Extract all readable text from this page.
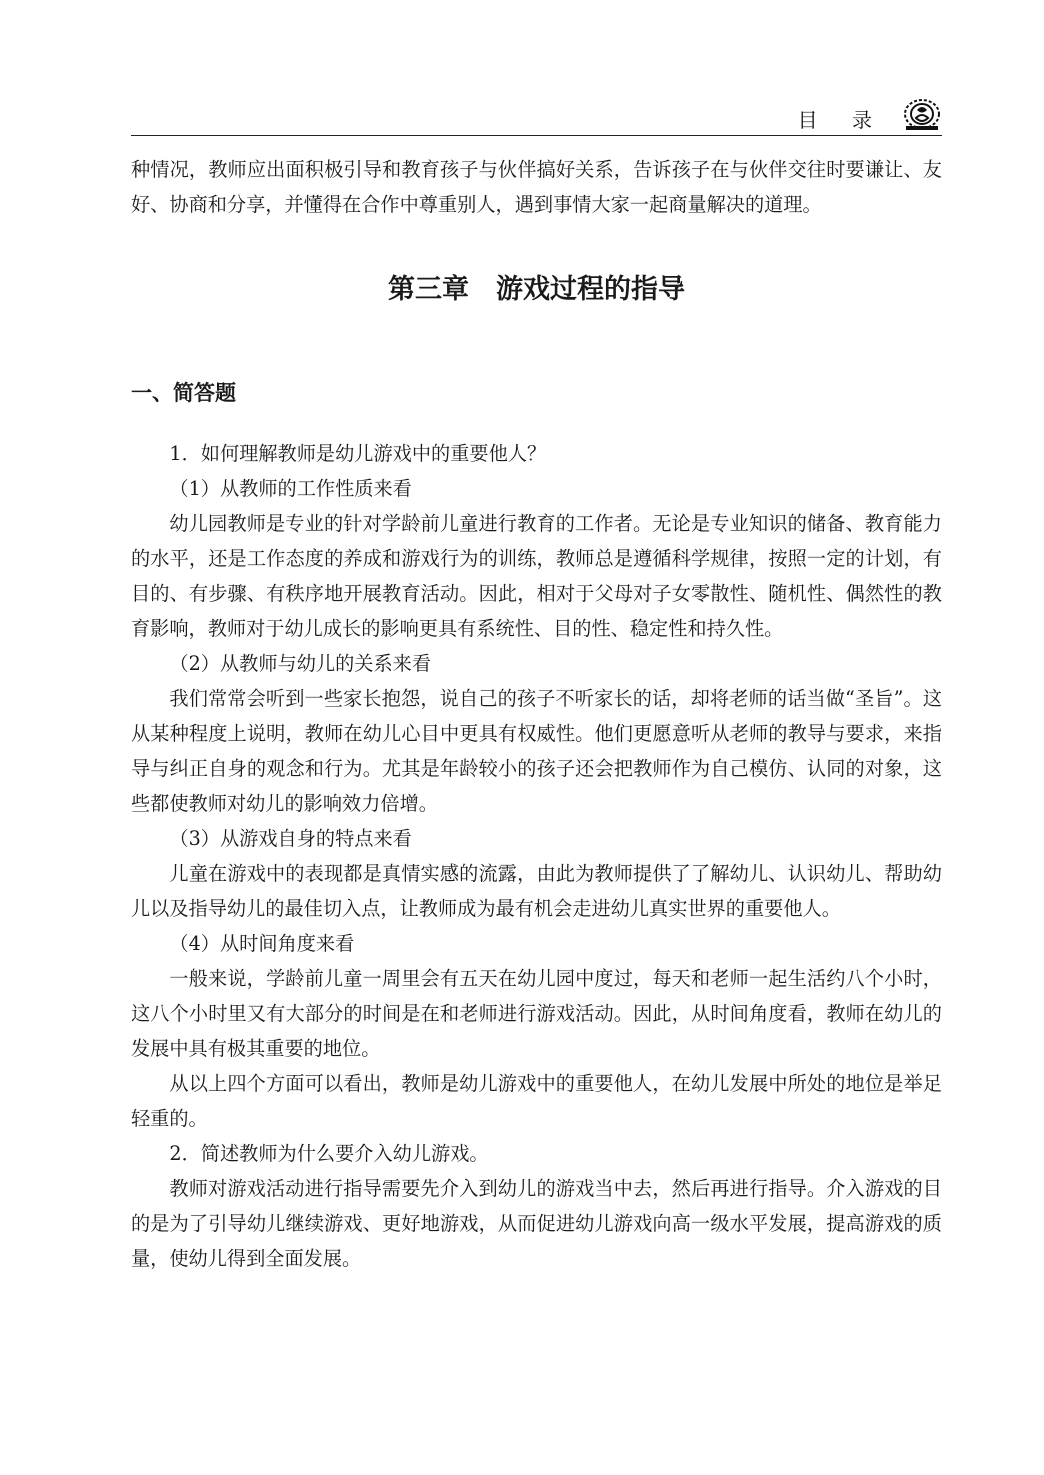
目 录

种情况，教师应出面积极引导和教育孩子与伙伴搞好关系，告诉孩子在与伙伴交往时要谦让、友好、协商和分享，并懂得在合作中尊重别人，遇到事情大家一起商量解决的道理。

第三章　游戏过程的指导
一、简答题

1．如何理解教师是幼儿游戏中的重要他人？

（1）从教师的工作性质来看

幼儿园教师是专业的针对学龄前儿童进行教育的工作者。无论是专业知识的储备、教育能力的水平，还是工作态度的养成和游戏行为的训练，教师总是遵循科学规律，按照一定的计划，有目的、有步骤、有秩序地开展教育活动。因此，相对于父母对子女零散性、随机性、偶然性的教育影响，教师对于幼儿成长的影响更具有系统性、目的性、稳定性和持久性。

（2）从教师与幼儿的关系来看

我们常常会听到一些家长抱怨，说自己的孩子不听家长的话，却将老师的话当做“圣旨”。这从某种程度上说明，教师在幼儿心目中更具有权威性。他们更愿意听从老师的教导与要求，来指导与纠正自身的观念和行为。尤其是年龄较小的孩子还会把教师作为自己模仿、认同的对象，这些都使教师对幼儿的影响效力倍增。

（3）从游戏自身的特点来看

儿童在游戏中的表现都是真情实感的流露，由此为教师提供了了解幼儿、认识幼儿、帮助幼儿以及指导幼儿的最佳切入点，让教师成为最有机会走进幼儿真实世界的重要他人。

（4）从时间角度来看

一般来说，学龄前儿童一周里会有五天在幼儿园中度过，每天和老师一起生活约八个小时，这八个小时里又有大部分的时间是在和老师进行游戏活动。因此，从时间角度看，教师在幼儿的发展中具有极其重要的地位。

从以上四个方面可以看出，教师是幼儿游戏中的重要他人，在幼儿发展中所处的地位是举足轻重的。

2．简述教师为什么要介入幼儿游戏。

教师对游戏活动进行指导需要先介入到幼儿的游戏当中去，然后再进行指导。介入游戏的目的是为了引导幼儿继续游戏、更好地游戏，从而促进幼儿游戏向高一级水平发展，提高游戏的质量，使幼儿得到全面发展。
